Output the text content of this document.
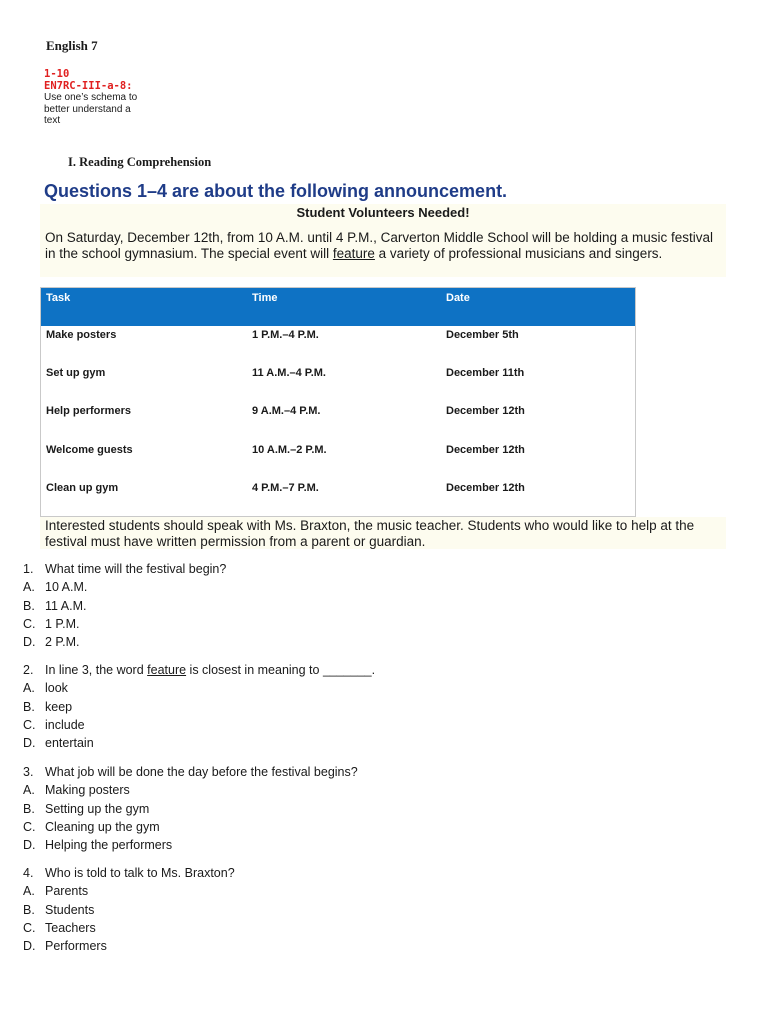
English 7
1-10
EN7RC-III-a-8:
Use one’s schema to better understand a text
I. Reading Comprehension
Questions 1–4 are about the following announcement.
Student Volunteers Needed!
On Saturday, December 12th, from 10 A.M. until 4 P.M., Carverton Middle School will be holding a music festival in the school gymnasium. The special event will feature a variety of professional musicians and singers.
Task	Time	Date
Make posters	1 P.M.–4 P.M.	December 5th
Set up gym	11 A.M.–4 P.M.	December 11th
Help performers	9 A.M.–4 P.M.	December 12th
Welcome guests	10 A.M.–2 P.M.	December 12th
Clean up gym	4 P.M.–7 P.M.	December 12th
Interested students should speak with Ms. Braxton, the music teacher. Students who would like to help at the festival must have written permission from a parent or guardian.
1. What time will the festival begin?
A. 10 A.M.
B. 11 A.M.
C. 1 P.M.
D. 2 P.M.
2. In line 3, the word feature is closest in meaning to _______.
A. look
B. keep
C. include
D. entertain
3. What job will be done the day before the festival begins?
A. Making posters
B. Setting up the gym
C. Cleaning up the gym
D. Helping the performers
4. Who is told to talk to Ms. Braxton?
A. Parents
B. Students
C. Teachers
D. Performers
